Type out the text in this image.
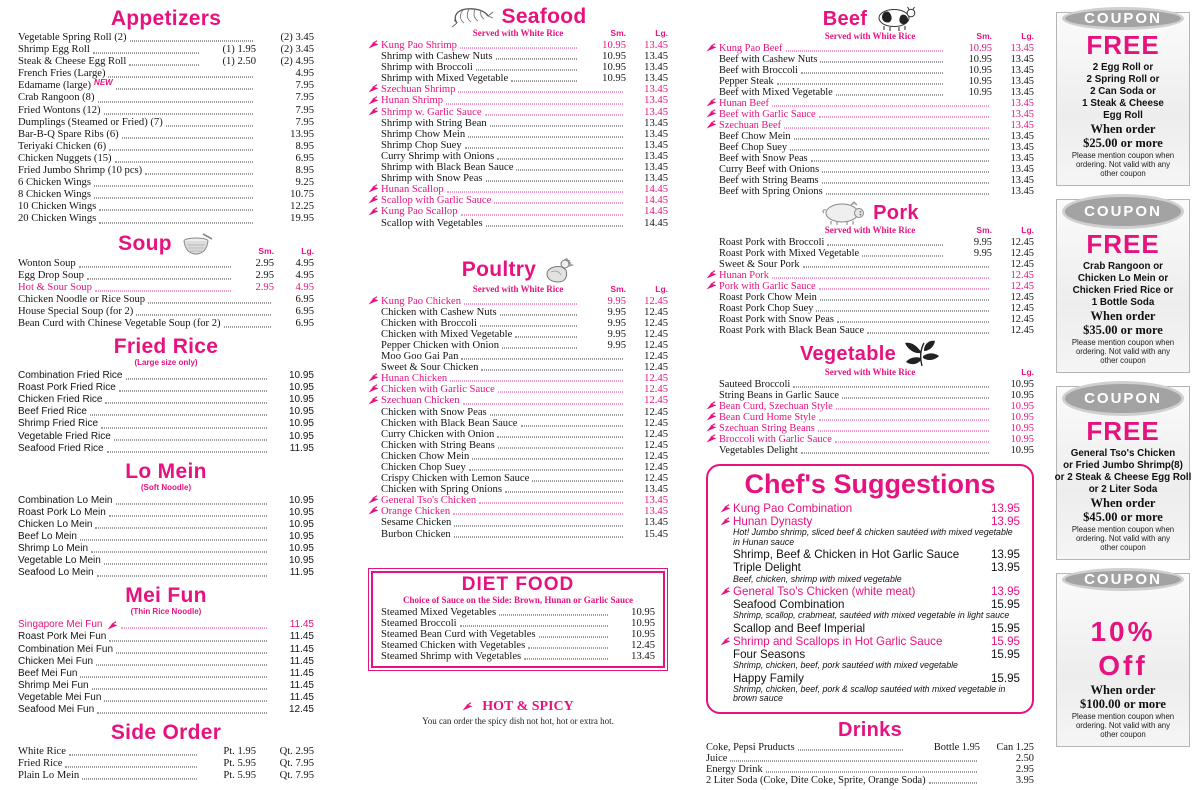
Appetizers
Vegetable Spring Roll (2)	(2) 3.45
Shrimp Egg Roll	(1) 1.95	(2) 3.45
Steak & Cheese Egg Roll	(1) 2.50	(2) 4.95
French Fries (Large)	4.95
Edamame (large) NEW	7.95
Crab Rangoon (8)	7.95
Fried Wontons (12)	7.95
Dumplings (Steamed or Fried) (7)	7.95
Bar-B-Q Spare Ribs (6)	13.95
Teriyaki Chicken (6)	8.95
Chicken Nuggets (15)	6.95
Fried Jumbo Shrimp (10 pcs)	8.95
6 Chicken Wings	9.25
8 Chicken Wings	10.75
10 Chicken Wings	12.25
20 Chicken Wings	19.95
Soup	Sm.	Lg.
Wonton Soup	2.95	4.95
Egg Drop Soup	2.95	4.95
Hot & Sour Soup	2.95	4.95
Chicken Noodle or Rice Soup	6.95
House Special Soup (for 2)	6.95
Bean Curd with Chinese Vegetable Soup (for 2)	6.95
Fried Rice
(Large size only)
Combination Fried Rice	10.95
Roast Pork Fried Rice	10.95
Chicken Fried Rice	10.95
Beef Fried Rice	10.95
Shrimp Fried Rice	10.95
Vegetable Fried Rice	10.95
Seafood Fried Rice	11.95
Lo Mein
(Soft Noodle)
Combination Lo Mein	10.95
Roast Pork Lo Mein	10.95
Chicken Lo Mein	10.95
Beef Lo Mein	10.95
Shrimp Lo Mein	10.95
Vegetable Lo Mein	10.95
Seafood Lo Mein	11.95
Mei Fun
(Thin Rice Noodle)
Singapore Mei Fun	11.45
Roast Pork Mei Fun	11.45
Combination Mei Fun	11.45
Chicken Mei Fun	11.45
Beef Mei Fun	11.45
Shrimp Mei Fun	11.45
Vegetable Mei Fun	11.45
Seafood Mei Fun	12.45
Side Order
White Rice	Pt. 1.95	Qt. 2.95
Fried Rice	Pt. 5.95	Qt. 7.95
Plain Lo Mein	Pt. 5.95	Qt. 7.95
Seafood
Served with White Rice	Sm.	Lg.
Kung Pao Shrimp	10.95	13.45
Shrimp with Cashew Nuts	10.95	13.45
Shrimp with Broccoli	10.95	13.45
Shrimp with Mixed Vegetable	10.95	13.45
Szechuan Shrimp	13.45
Hunan Shrimp	13.45
Shrimp w. Garlic Sauce	13.45
Shrimp with String Bean	13.45
Shrimp Chow Mein	13.45
Shrimp Chop Suey	13.45
Curry Shrimp with Onions	13.45
Shrimp with Black Bean Sauce	13.45
Shrimp with Snow Peas	13.45
Hunan Scallop	14.45
Scallop with Garlic Sauce	14.45
Kung Pao Scallop	14.45
Scallop with Vegetables	14.45
Poultry
Served with White Rice	Sm.	Lg.
Kung Pao Chicken	9.95	12.45
Chicken with Cashew Nuts	9.95	12.45
Chicken with Broccoli	9.95	12.45
Chicken with Mixed Vegetable	9.95	12.45
Pepper Chicken with Onion	9.95	12.45
Moo Goo Gai Pan	12.45
Sweet & Sour Chicken	12.45
Hunan Chicken	12.45
Chicken with Garlic Sauce	12.45
Szechuan Chicken	12.45
Chicken with Snow Peas	12.45
Chicken with Black Bean Sauce	12.45
Curry Chicken with Onion	12.45
Chicken with String Beans	12.45
Chicken Chow Mein	12.45
Chicken Chop Suey	12.45
Crispy Chicken with Lemon Sauce	12.45
Chicken with Spring Onions	13.45
General Tso's Chicken	13.45
Orange Chicken	13.45
Sesame Chicken	13.45
Burbon Chicken	15.45
DIET FOOD
Choice of Sauce on the Side: Brown, Hunan or Garlic Sauce
Steamed Mixed Vegetables	10.95
Steamed Broccoli	10.95
Steamed Bean Curd with Vegetables	10.95
Steamed Chicken with Vegetables	12.45
Steamed Shrimp with Vegetables	13.45
HOT & SPICY
You can order the spicy dish not hot, hot or extra hot.
Beef
Served with White Rice	Sm.	Lg.
Kung Pao Beef	10.95	13.45
Beef with Cashew Nuts	10.95	13.45
Beef with Broccoli	10.95	13.45
Pepper Steak	10.95	13.45
Beef with Mixed Vegetable	10.95	13.45
Hunan Beef	13.45
Beef with Garlic Sauce	13.45
Szechuan Beef	13.45
Beef Chow Mein	13.45
Beef Chop Suey	13.45
Beef with Snow Peas	13.45
Curry Beef with Onions	13.45
Beef with String Beams	13.45
Beef with Spring Onions	13.45
Pork
Served with White Rice	Sm.	Lg.
Roast Pork with Broccoli	9.95	12.45
Roast Pork with Mixed Vegetable	9.95	12.45
Sweet & Sour Pork	12.45
Hunan Pork	12.45
Pork with Garlic Sauce	12.45
Roast Pork Chow Mein	12.45
Roast Pork Chop Suey	12.45
Roast Pork with Snow Peas	12.45
Roast Pork with Black Bean Sauce	12.45
Vegetable
Served with White Rice	Lg.
Sauteed Broccoli	10.95
String Beans in Garlic Sauce	10.95
Bean Curd, Szechuan Style	10.95
Bean Curd Home Style	10.95
Szechuan String Beans	10.95
Broccoli with Garlic Sauce	10.95
Vegetables Delight	10.95
Chef's Suggestions
Kung Pao Combination	13.95
Hunan Dynasty	13.95
Hot! Jumbo shrimp, sliced beef & chicken sautéed with mixed vegetable in Hunan sauce
Shrimp, Beef & Chicken in Hot Garlic Sauce	13.95
Triple Delight	13.95
Beef, chicken, shrimp with mixed vegetable
General Tso's Chicken (white meat)	13.95
Seafood Combination	15.95
Shrimp, scallop, crabmeat, sautéed with mixed vegetable in light sauce
Scallop and Beef Imperial	15.95
Shrimp and Scallops in Hot Garlic Sauce	15.95
Four Seasons	15.95
Shrimp, chicken, beef, pork sautéed with mixed vegetable
Happy Family	15.95
Shrimp, chicken, beef, pork & scallop sautéed with mixed vegetable in brown sauce
Drinks
Coke, Pepsi Pruducts	Bottle 1.95	Can 1.25
Juice	2.50
Energy Drink	2.95
2 Liter Soda (Coke, Dite Coke, Sprite, Orange Soda)	3.95
COUPON
FREE
2 Egg Roll or
2 Spring Roll or
2 Can Soda or
1 Steak & Cheese
Egg Roll
When order
$25.00 or more
Please mention coupon when ordering. Not valid with any other coupon
COUPON
FREE
Crab Rangoon or
Chicken Lo Mein or
Chicken Fried Rice or
1 Bottle Soda
When order
$35.00 or more
Please mention coupon when ordering. Not valid with any other coupon
COUPON
FREE
General Tso's Chicken
or Fried Jumbo Shrimp(8)
or 2 Steak & Cheese Egg Roll
or 2 Liter Soda
When order
$45.00 or more
Please mention coupon when ordering. Not valid with any other coupon
COUPON
10%
Off
When order
$100.00 or more
Please mention coupon when ordering. Not valid with any other coupon
